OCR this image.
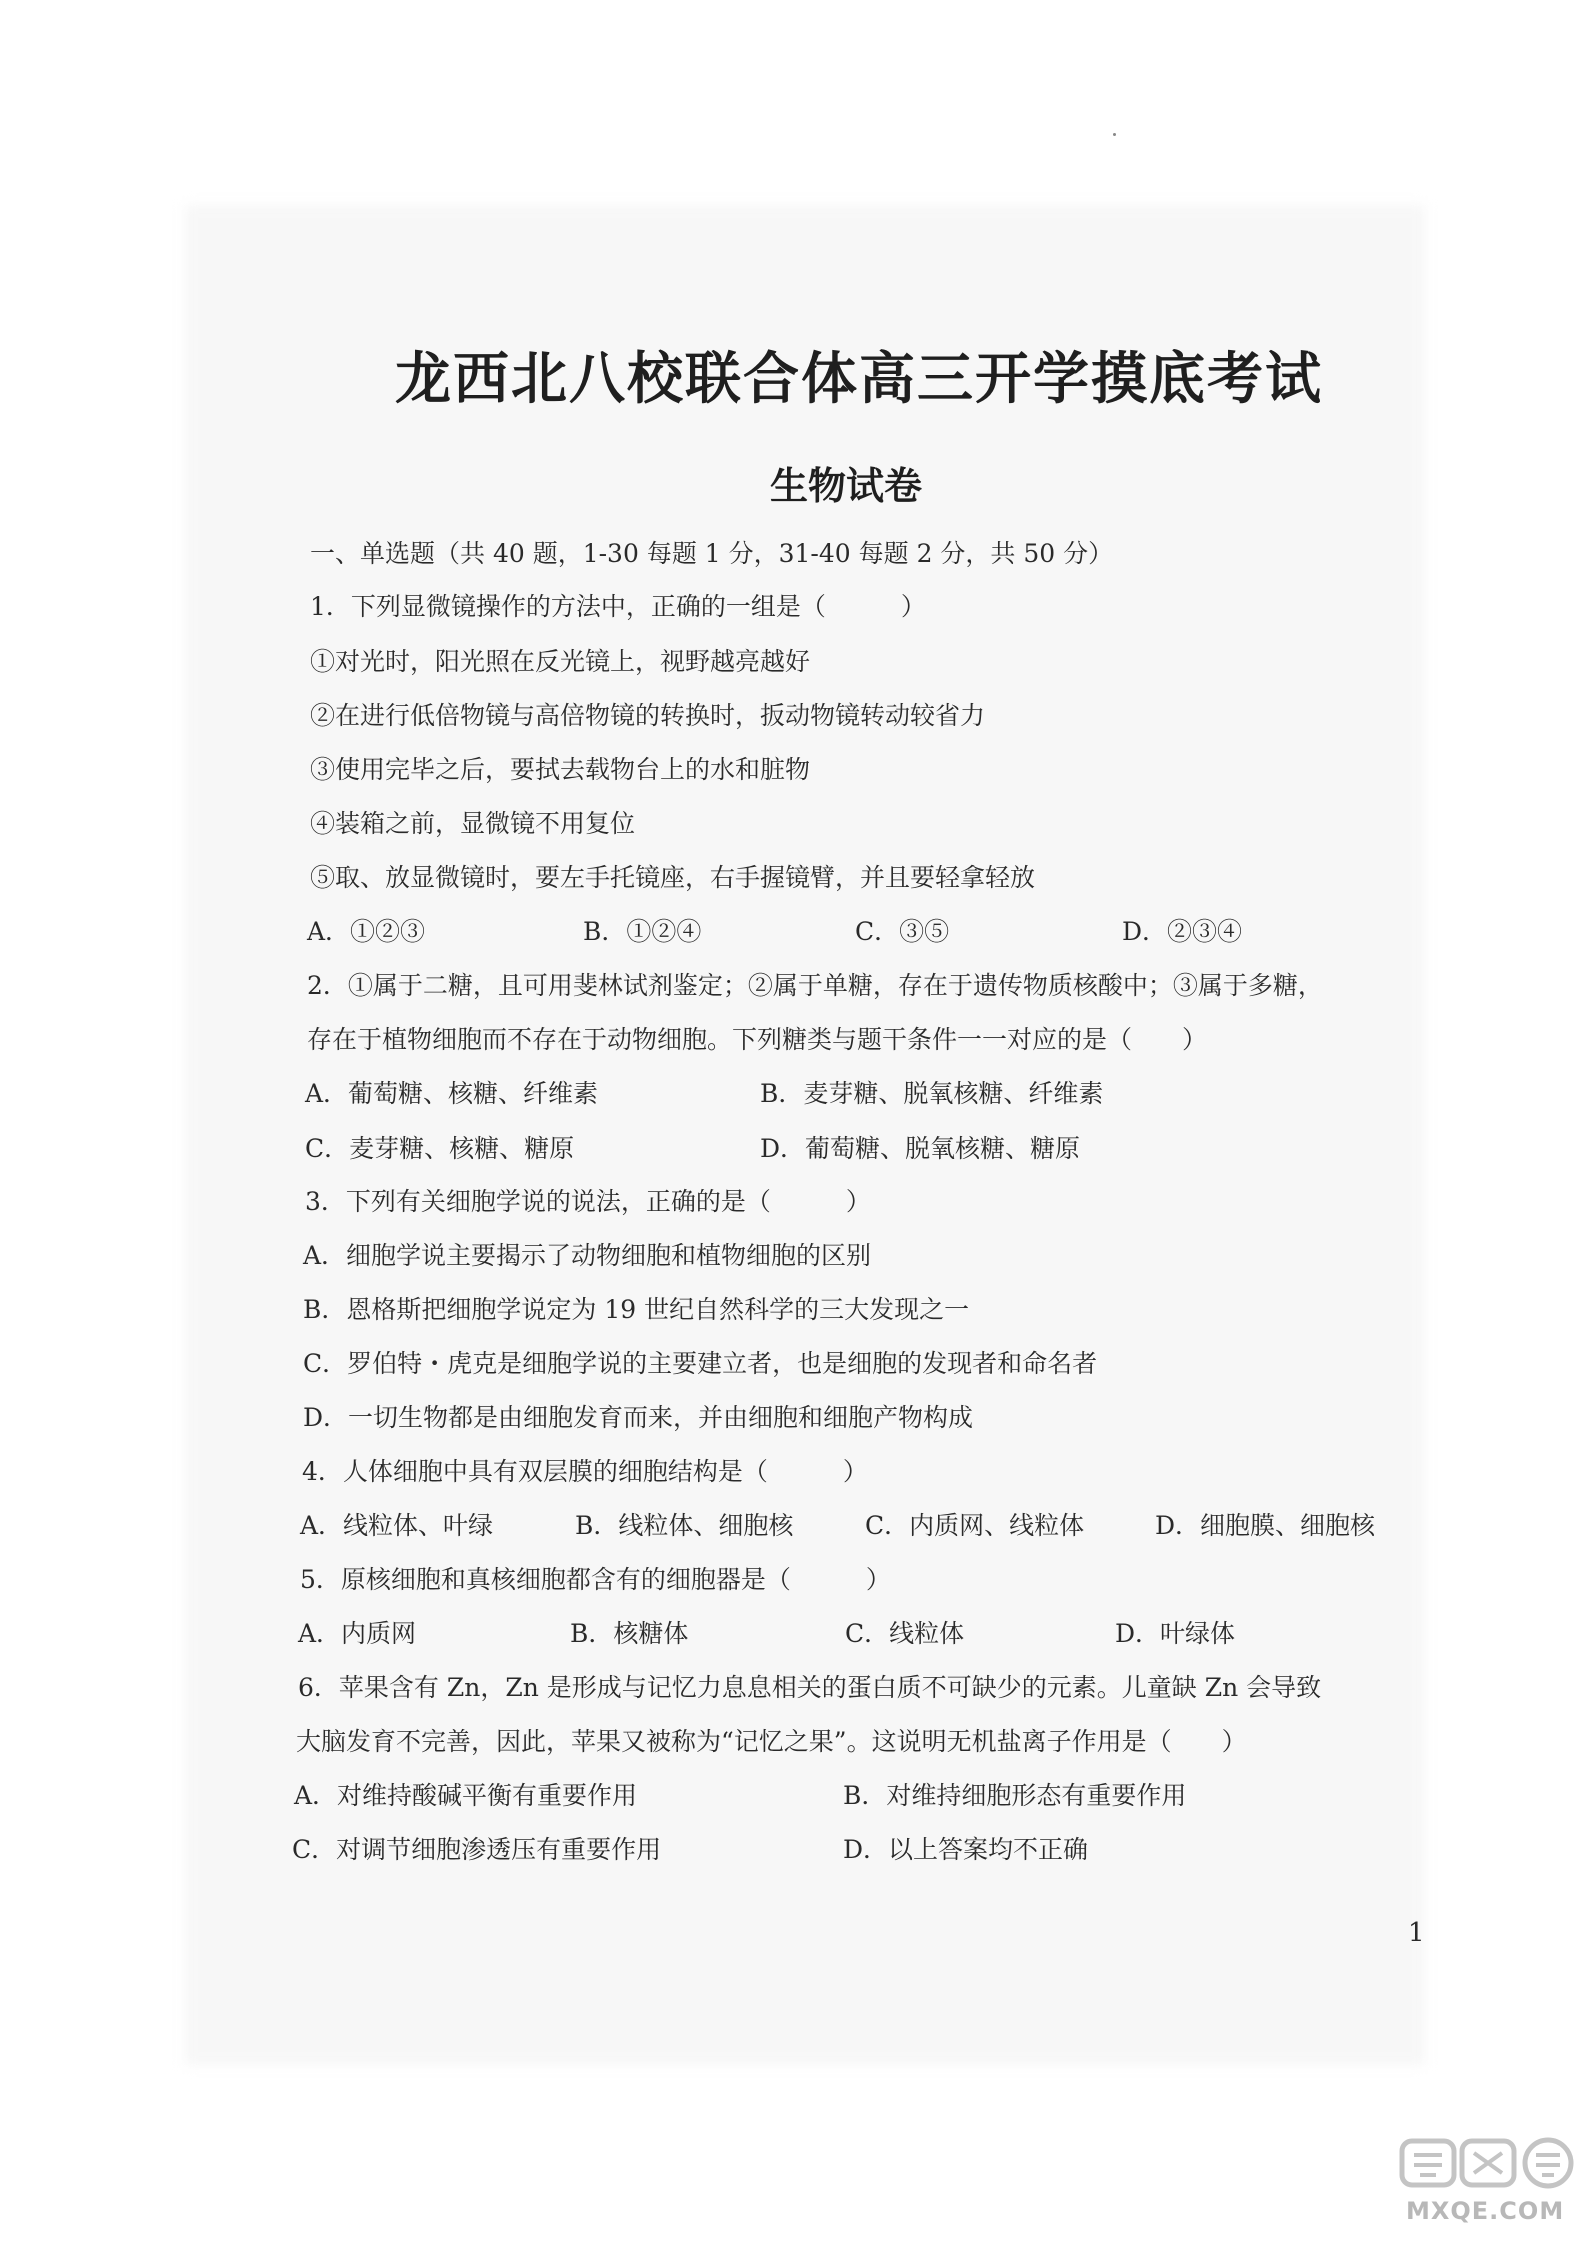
龙西北八校联合体高三开学摸底考试
生物试卷
一、单选题（共 40 题，1-30 每题 1 分，31-40 每题 2 分，共 50 分）
1．下列显微镜操作的方法中，正确的一组是（　　　）
①对光时，阳光照在反光镜上，视野越亮越好
②在进行低倍物镜与高倍物镜的转换时，扳动物镜转动较省力
③使用完毕之后，要拭去载物台上的水和脏物
④装箱之前，显微镜不用复位
⑤取、放显微镜时，要左手托镜座，右手握镜臂，并且要轻拿轻放
A．①②③	B．①②④	C．③⑤	D．②③④
2．①属于二糖，且可用斐林试剂鉴定；②属于单糖，存在于遗传物质核酸中；③属于多糖，
存在于植物细胞而不存在于动物细胞。下列糖类与题干条件一一对应的是（　　）
A．葡萄糖、核糖、纤维素	B．麦芽糖、脱氧核糖、纤维素
C．麦芽糖、核糖、糖原	D．葡萄糖、脱氧核糖、糖原
3．下列有关细胞学说的说法，正确的是（　　　）
A．细胞学说主要揭示了动物细胞和植物细胞的区别
B．恩格斯把细胞学说定为 19 世纪自然科学的三大发现之一
C．罗伯特・虎克是细胞学说的主要建立者，也是细胞的发现者和命名者
D．一切生物都是由细胞发育而来，并由细胞和细胞产物构成
4．人体细胞中具有双层膜的细胞结构是（　　　）
A．线粒体、叶绿	B．线粒体、细胞核	C．内质网、线粒体	D．细胞膜、细胞核
5．原核细胞和真核细胞都含有的细胞器是（　　　）
A．内质网	B．核糖体	C．线粒体	D．叶绿体
6．苹果含有 Zn，Zn 是形成与记忆力息息相关的蛋白质不可缺少的元素。儿童缺 Zn 会导致
大脑发育不完善，因此，苹果又被称为“记忆之果”。这说明无机盐离子作用是（　　）
A．对维持酸碱平衡有重要作用	B．对维持细胞形态有重要作用
C．对调节细胞渗透压有重要作用	D．以上答案均不正确
1
MXQE.COM
